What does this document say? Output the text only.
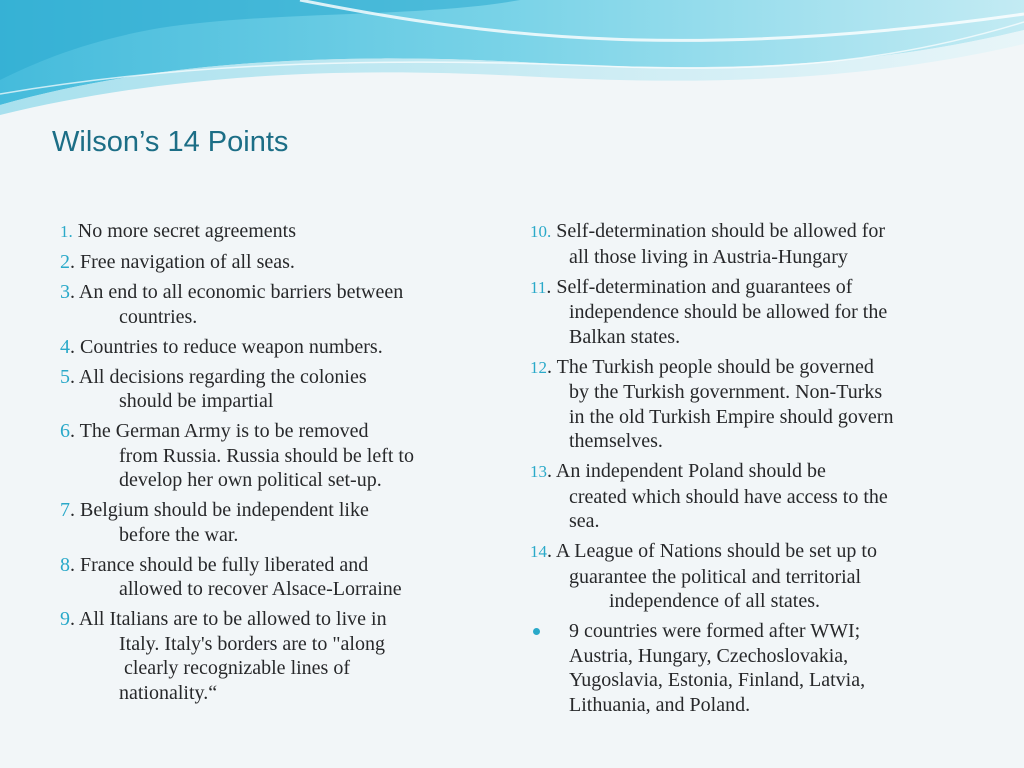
Wilson’s 14 Points
1. No more secret agreements
2. Free navigation of all seas.
3. An end to all economic barriers between
countries.
4. Countries to reduce weapon numbers.
5. All decisions regarding the colonies
should be impartial
6. The German Army is to be removed
from Russia. Russia should be left to
develop her own political set-up.
7. Belgium should be independent like
before the war.
8. France should be fully liberated and
allowed to recover Alsace-Lorraine
9. All Italians are to be allowed to live in
Italy. Italy's borders are to "along
clearly recognizable lines of
nationality.“
10. Self-determination should be allowed for
all those living in Austria-Hungary
11. Self-determination and guarantees of
independence should be allowed for the
Balkan states.
12. The Turkish people should be governed
by the Turkish government. Non-Turks
in the old Turkish Empire should govern
themselves.
13. An independent Poland should be
created which should have access to the
sea.
14. A League of Nations should be set up to
guarantee the political and territorial
independence of all states.
9 countries were formed after WWI;
Austria, Hungary, Czechoslovakia,
Yugoslavia, Estonia, Finland, Latvia,
Lithuania, and Poland.
